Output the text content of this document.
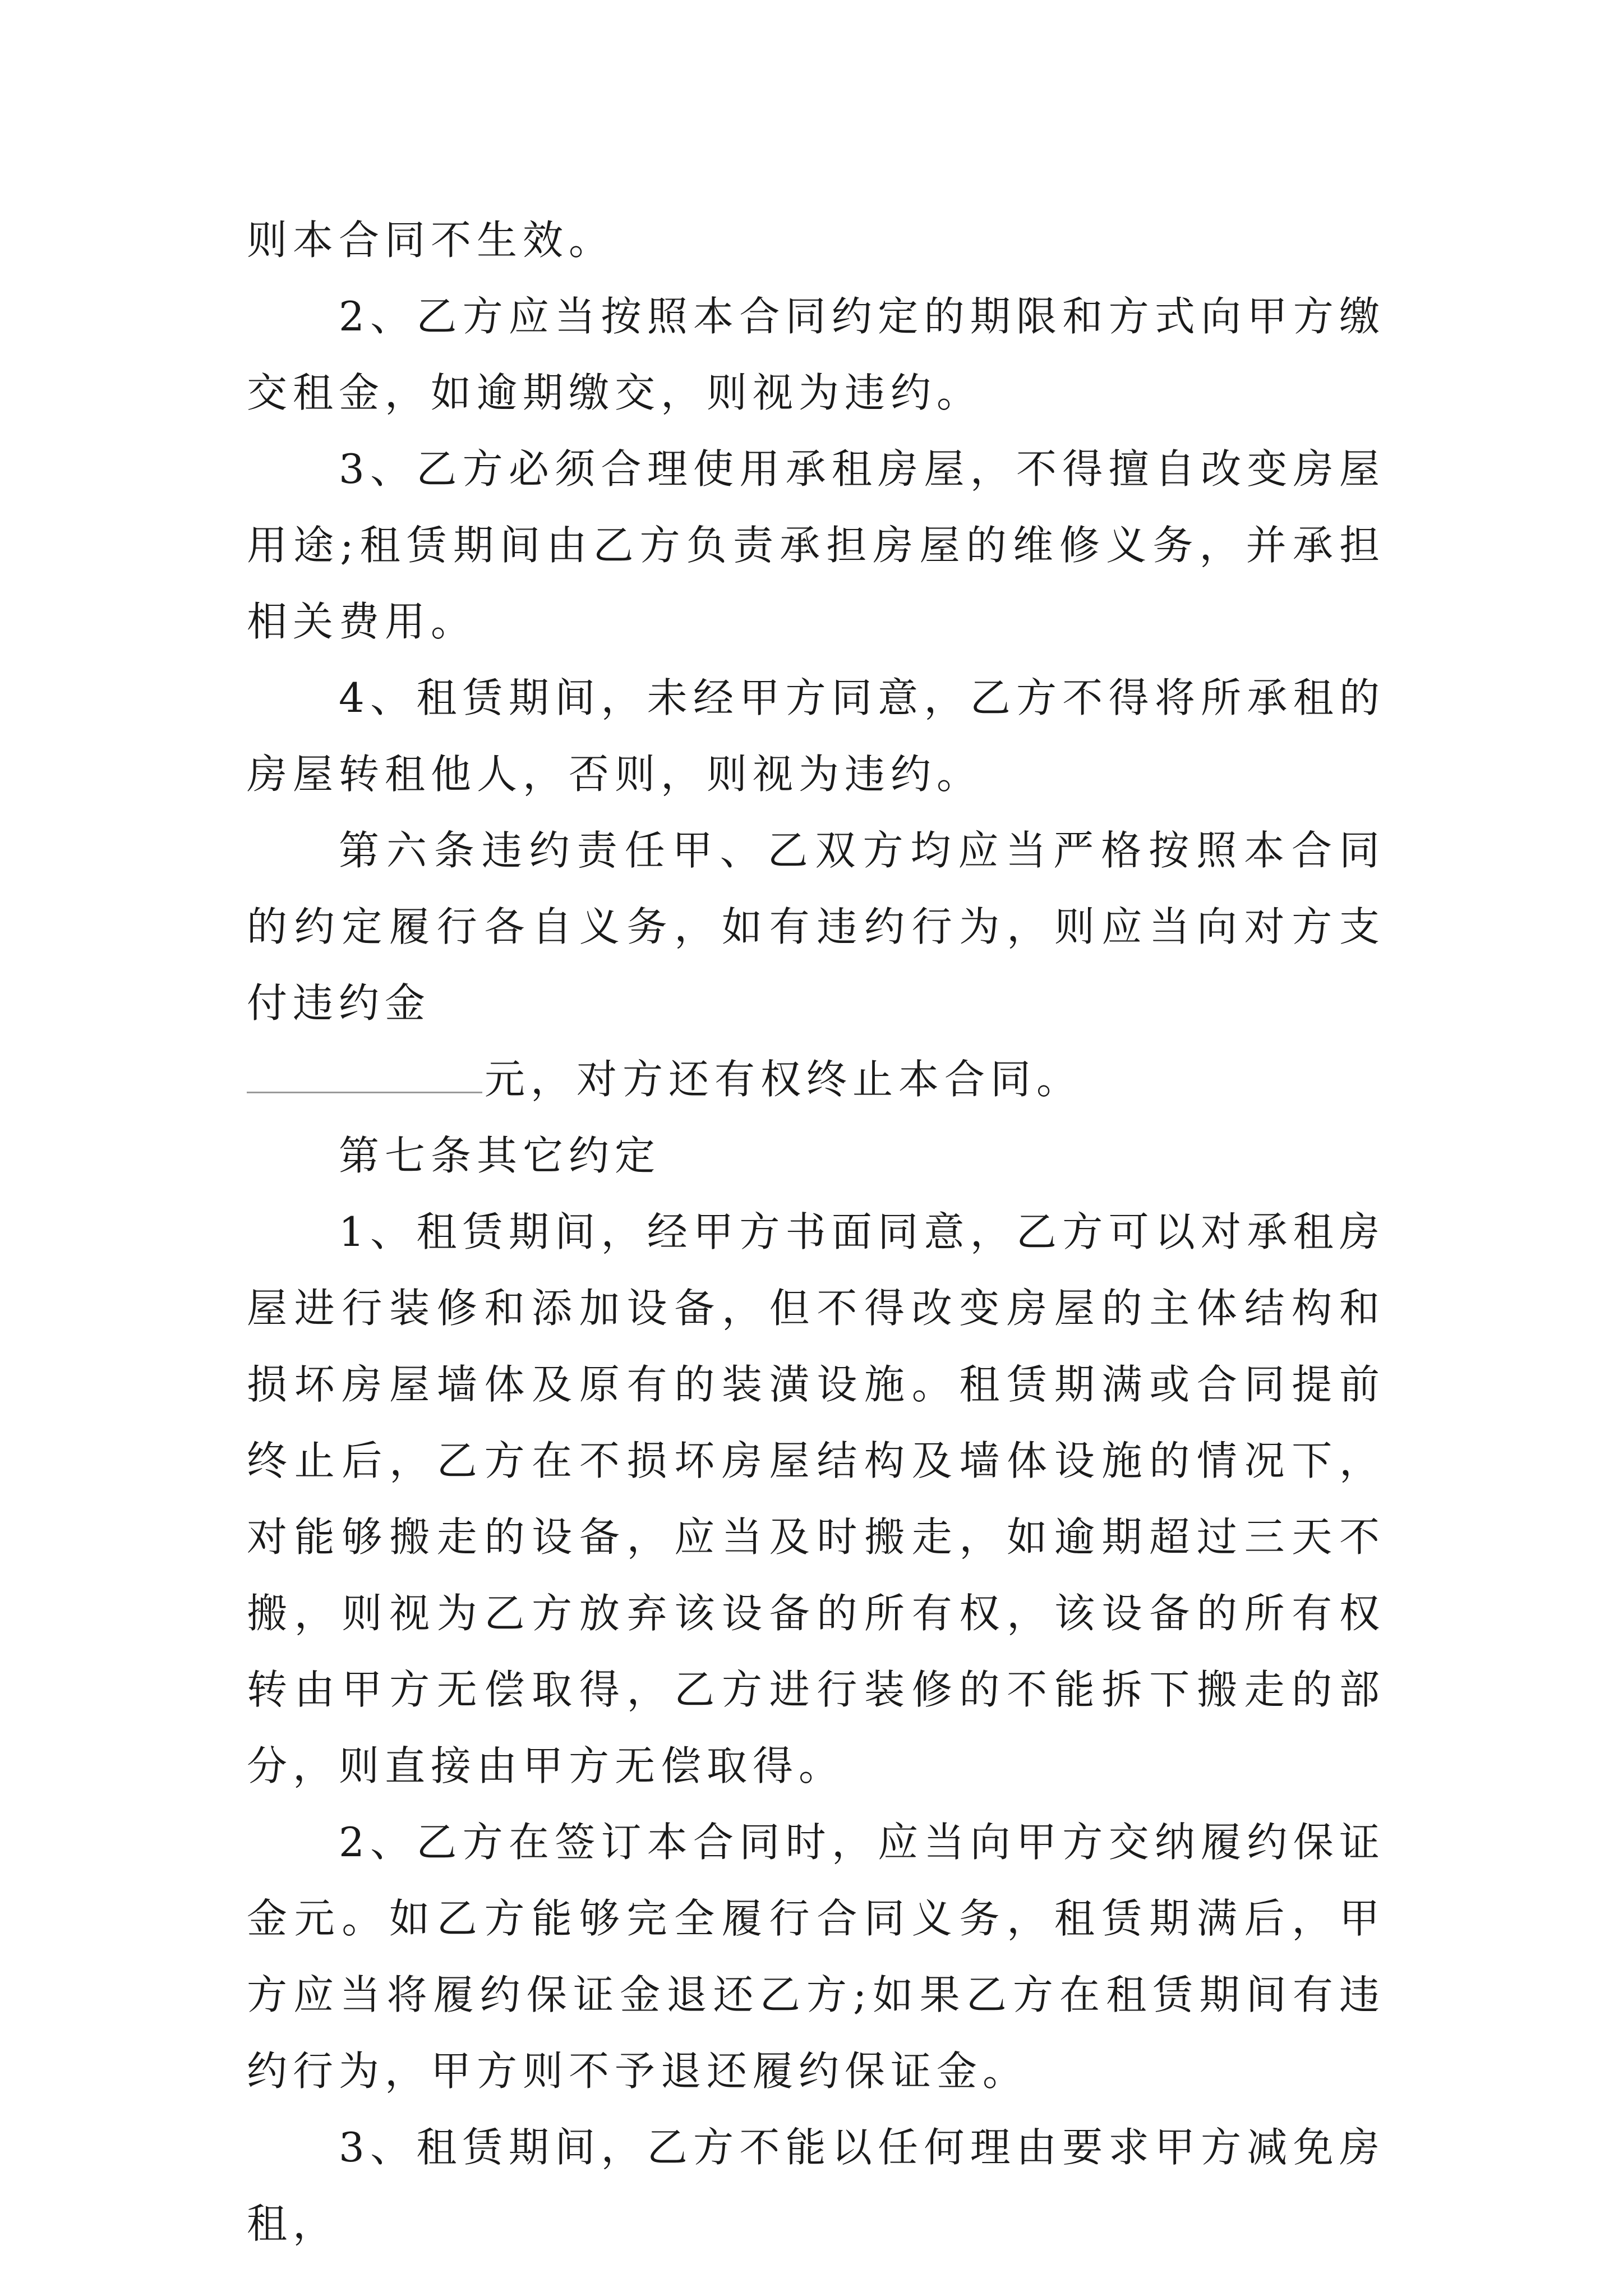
则本合同不生效。

2、乙方应当按照本合同约定的期限和方式向甲方缴交租金，如逾期缴交，则视为违约。

3、乙方必须合理使用承租房屋，不得擅自改变房屋用途;租赁期间由乙方负责承担房屋的维修义务，并承担相关费用。

4、租赁期间，未经甲方同意，乙方不得将所承租的房屋转租他人，否则，则视为违约。

第六条违约责任甲、乙双方均应当严格按照本合同的约定履行各自义务，如有违约行为，则应当向对方支付违约金

元，对方还有权终止本合同。

第七条其它约定

1、租赁期间，经甲方书面同意，乙方可以对承租房屋进行装修和添加设备，但不得改变房屋的主体结构和损坏房屋墙体及原有的装潢设施。租赁期满或合同提前终止后，乙方在不损坏房屋结构及墙体设施的情况下，对能够搬走的设备，应当及时搬走，如逾期超过三天不搬，则视为乙方放弃该设备的所有权，该设备的所有权转由甲方无偿取得，乙方进行装修的不能拆下搬走的部分，则直接由甲方无偿取得。

2、乙方在签订本合同时，应当向甲方交纳履约保证金元。如乙方能够完全履行合同义务，租赁期满后，甲方应当将履约保证金退还乙方;如果乙方在租赁期间有违约行为，甲方则不予退还履约保证金。

3、租赁期间，乙方不能以任何理由要求甲方减免房租，
